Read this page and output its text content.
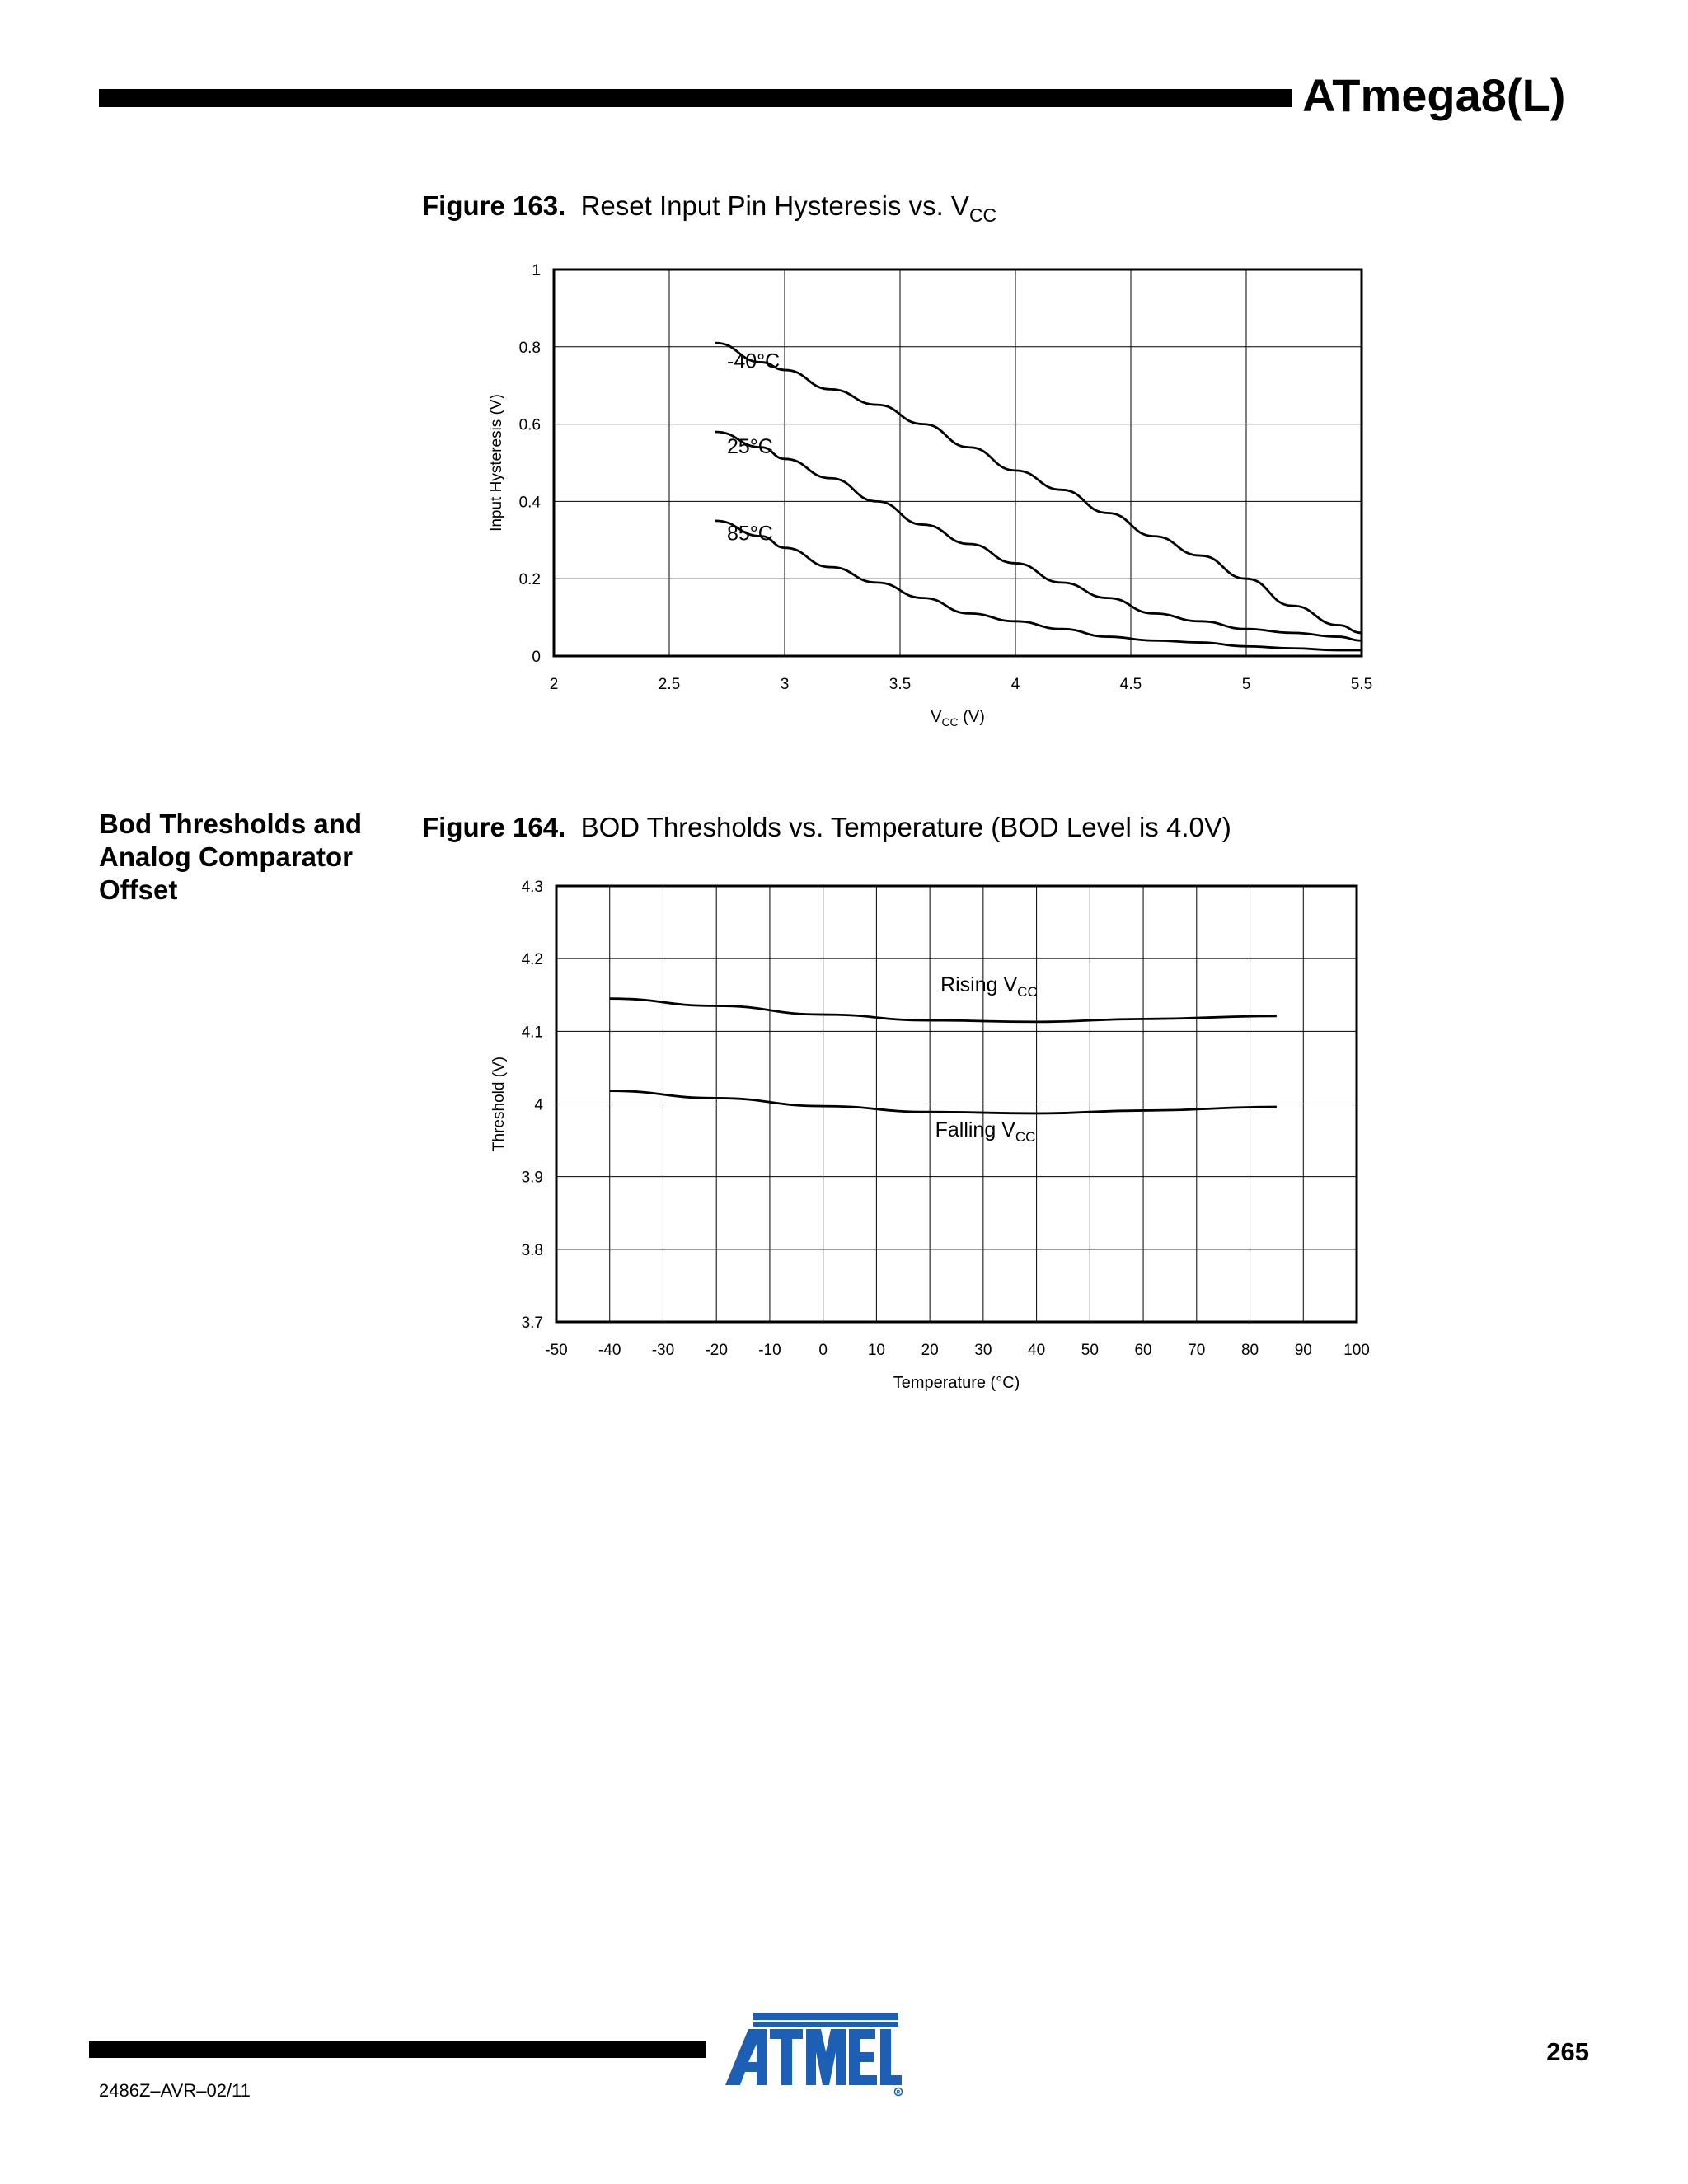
ATmega8(L)
Figure 163. Reset Input Pin Hysteresis vs. $V_{CC}$
Bod Thresholds and
Analog Comparator
Offset
Figure 164. BOD Thresholds vs. Temperature (BOD Level is 4.0V)
2	2.5	3	3.5	4	4.5	5	5.5
0
0.2
0.4
0.6
0.8
1
$V_{CC}$ (V)
Input Hysteresis (V)
-40°C
25°C
85°C
-50 -40 -30 -20 -10 0	10 20 30 40 50 60 70 80 90 100
3.7
3.8
3.9
4
4.1
4.2
4.3
Temperature (°C)
Threshold (V)
Rising $V_{CC}$
Falling $V_{CC}$
265
2486Z–AVR–02/11	R
